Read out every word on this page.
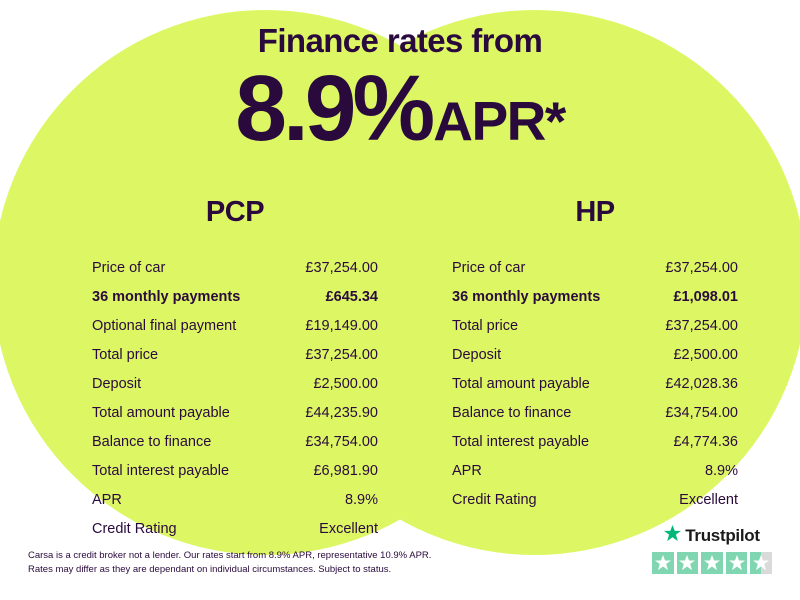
Finance rates from
8.9%APR*
PCP
Price of car	£37,254.00
36 monthly payments	£645.34
Optional final payment	£19,149.00
Total price	£37,254.00
Deposit	£2,500.00
Total amount payable	£44,235.90
Balance to finance	£34,754.00
Total interest payable	£6,981.90
APR	8.9%
Credit Rating	Excellent
HP
Price of car	£37,254.00
36 monthly payments	£1,098.01
Total price	£37,254.00
Deposit	£2,500.00
Total amount payable	£42,028.36
Balance to finance	£34,754.00
Total interest payable	£4,774.36
APR	8.9%
Credit Rating	Excellent
Carsa is a credit broker not a lender. Our rates start from 8.9% APR, representative 10.9% APR.
Rates may differ as they are dependant on individual circumstances. Subject to status.
Trustpilot
